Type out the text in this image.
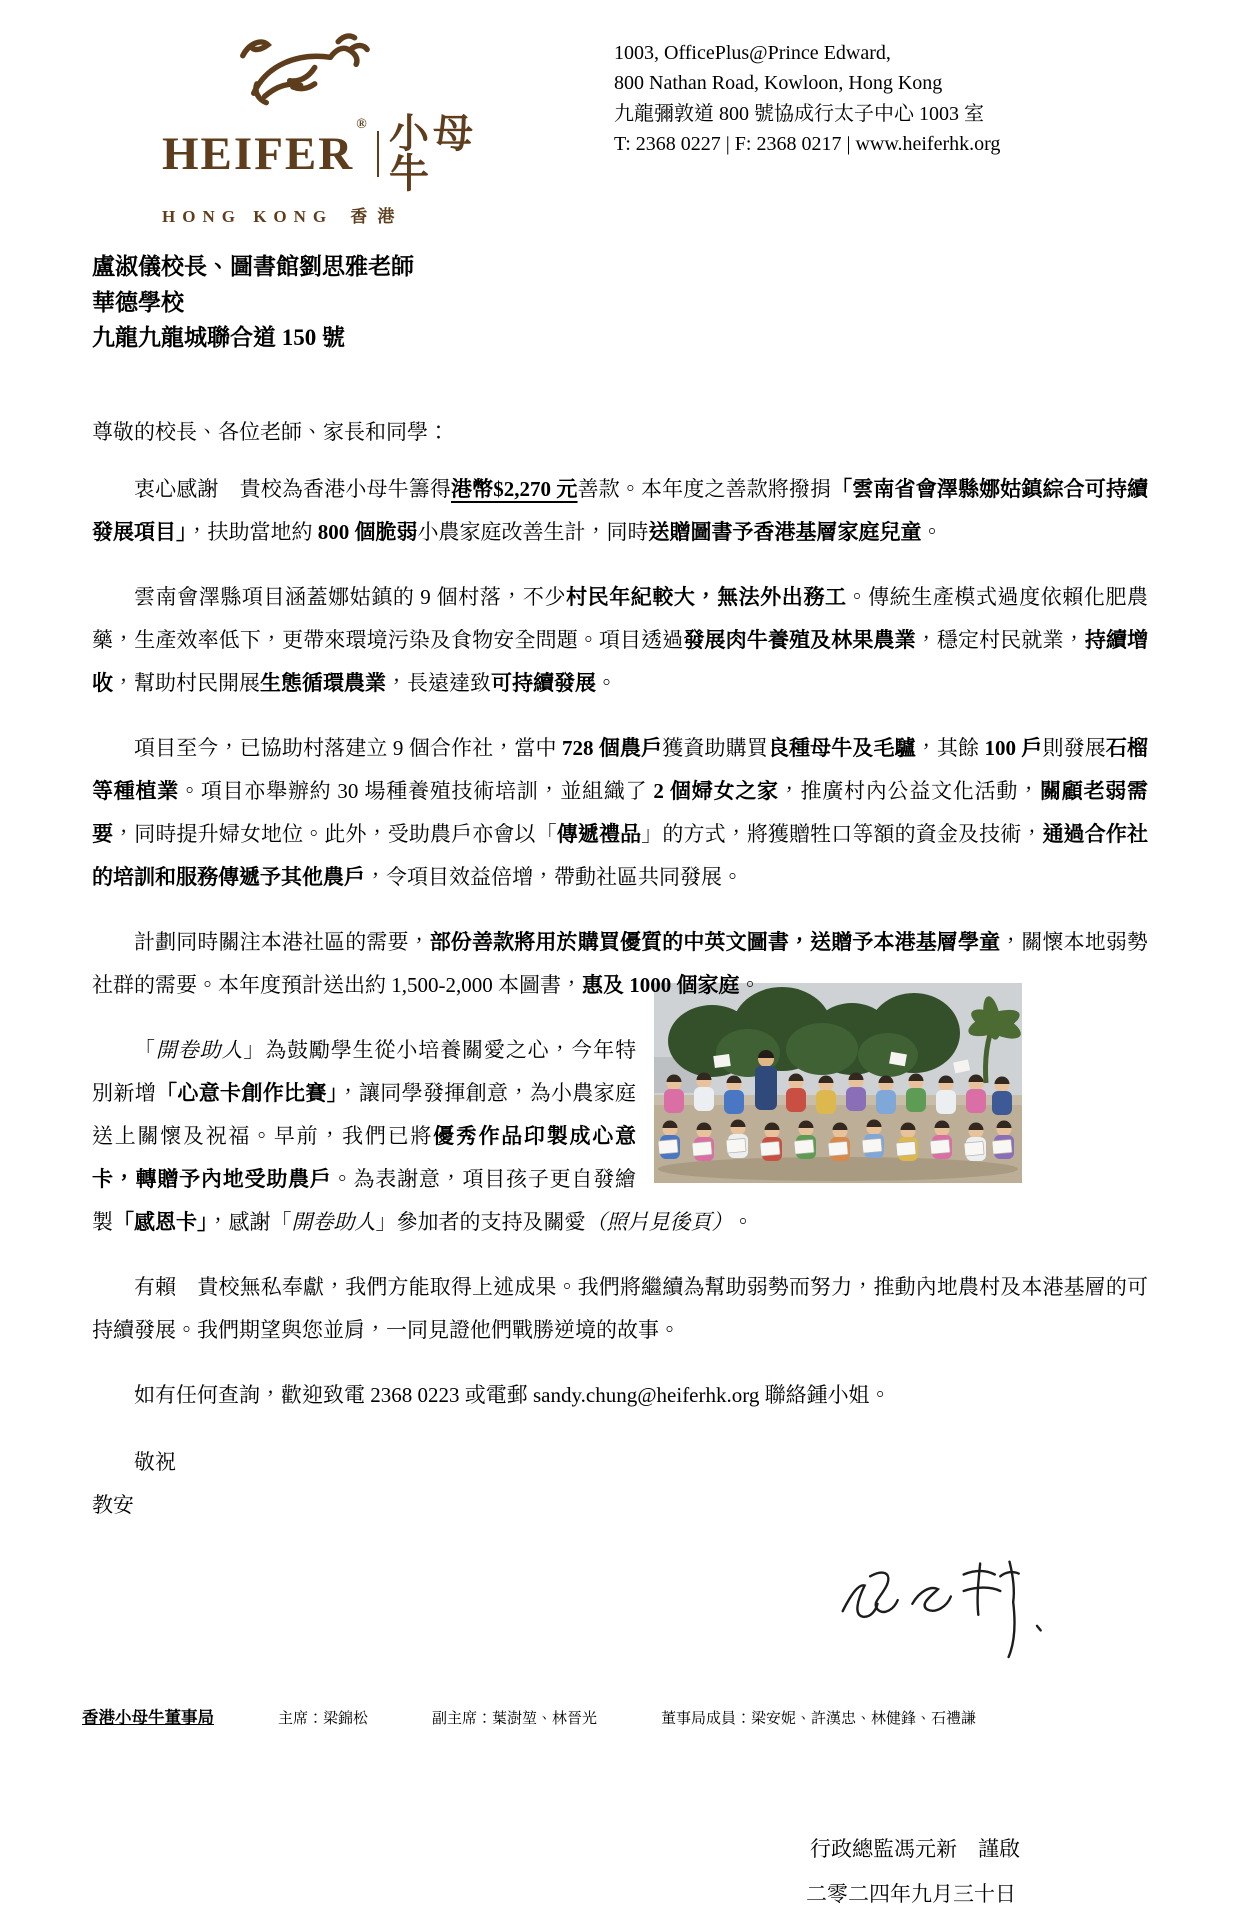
HEIFER
® 小母牛
HONG KONG 香港
1003, OfficePlus@Prince Edward,
800 Nathan Road, Kowloon, Hong Kong
九龍彌敦道 800 號協成行太子中心 1003 室
T: 2368 0227 | F: 2368 0217 | www.heiferhk.org
盧淑儀校長、圖書館劉思雅老師
華德學校
九龍九龍城聯合道 150 號
尊敬的校長、各位老師、家長和同學：

衷心感謝　貴校為香港小母牛籌得港幣$2,270 元善款。本年度之善款將撥捐「雲南省會澤縣娜姑鎮綜合可持續發展項目」，扶助當地約 800 個脆弱小農家庭改善生計，同時送贈圖書予香港基層家庭兒童。

雲南會澤縣項目涵蓋娜姑鎮的 9 個村落，不少村民年紀較大，無法外出務工。傳統生產模式過度依賴化肥農藥，生產效率低下，更帶來環境污染及食物安全問題。項目透過發展肉牛養殖及林果農業，穩定村民就業，持續增收，幫助村民開展生態循環農業，長遠達致可持續發展。

項目至今，已協助村落建立 9 個合作社，當中 728 個農戶獲資助購買良種母牛及毛驢，其餘 100 戶則發展石榴等種植業。項目亦舉辦約 30 場種養殖技術培訓，並組織了 2 個婦女之家，推廣村內公益文化活動，關顧老弱需要，同時提升婦女地位。此外，受助農戶亦會以「傳遞禮品」的方式，將獲贈牲口等額的資金及技術，通過合作社的培訓和服務傳遞予其他農戶，令項目效益倍增，帶動社區共同發展。

計劃同時關注本港社區的需要，部份善款將用於購買優質的中英文圖書，送贈予本港基層學童，關懷本地弱勢社群的需要。本年度預計送出約 1,500-2,000 本圖書，惠及 1000 個家庭。

「開卷助人」為鼓勵學生從小培養關愛之心，今年特別新增「心意卡創作比賽」，讓同學發揮創意，為小農家庭送上關懷及祝福。早前，我們已將優秀作品印製成心意卡，轉贈予內地受助農戶。為表謝意，項目孩子更自發繪製「感恩卡」，感謝「開卷助人」參加者的支持及關愛（照片見後頁）。

有賴　貴校無私奉獻，我們方能取得上述成果。我們將繼續為幫助弱勢而努力，推動內地農村及本港基層的可持續發展。我們期望與您並肩，一同見證他們戰勝逆境的故事。

如有任何查詢，歡迎致電 2368 0223 或電郵 sandy.chung@heiferhk.org 聯絡鍾小姐。

敬祝

教安

行政總監馮元新　謹啟
二零二四年九月三十日
香港小母牛董事局	主席：梁錦松	副主席：葉澍堃、林晉光	董事局成員：梁安妮、許漢忠、林健鋒、石禮謙
